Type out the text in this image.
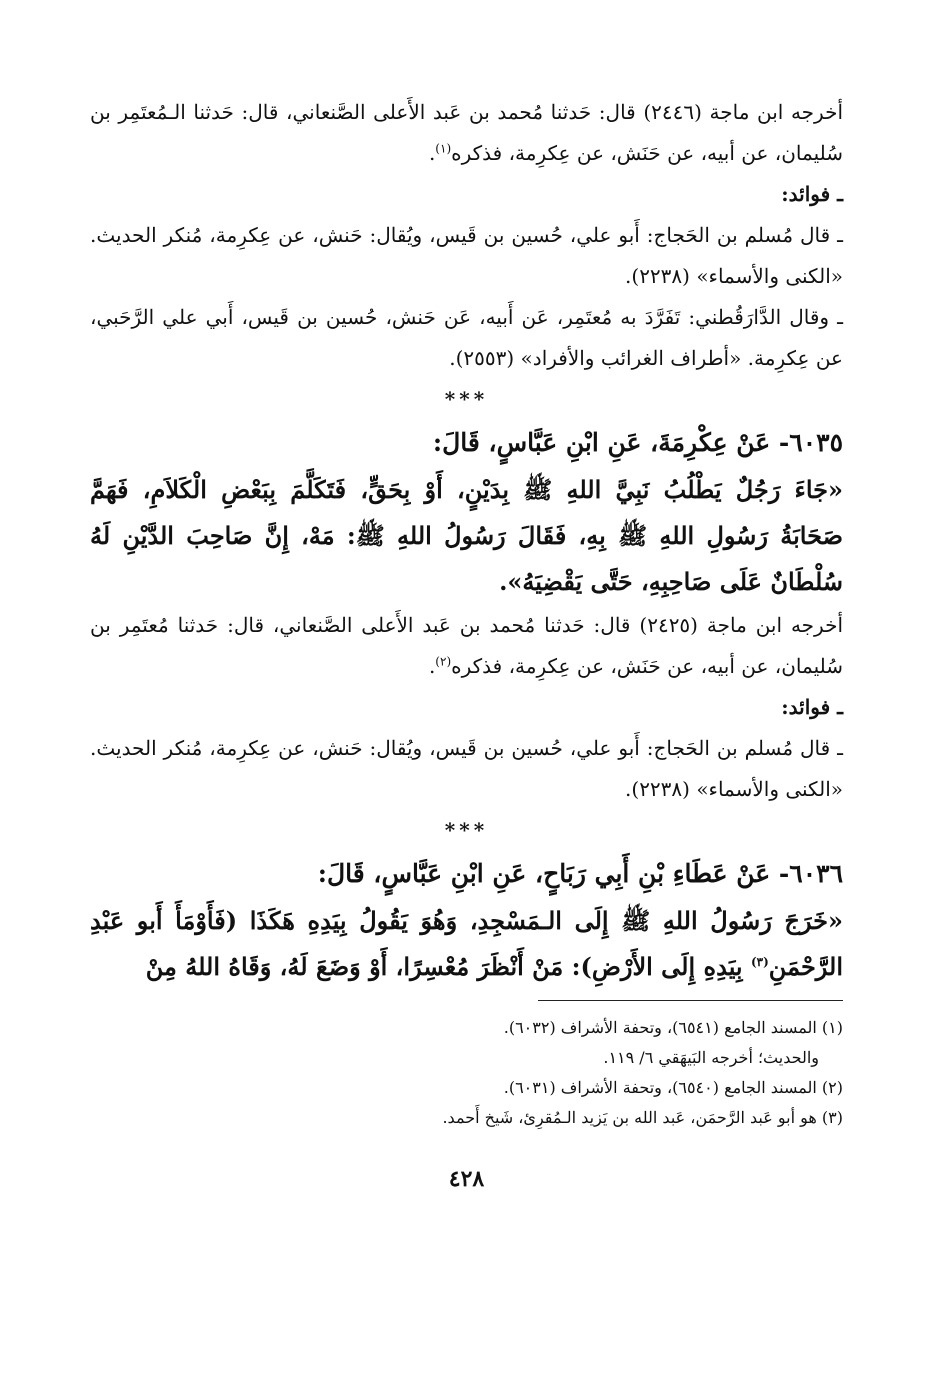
أخرجه ابن ماجة (٢٤٤٦) قال: حَدثنا مُحمد بن عَبد الأَعلى الصَّنعاني، قال: حَدثنا الـمُعتَمِر بن سُليمان، عن أبيه، عن حَنَش، عن عِكرِمة، فذكره$^{(١)}$.

ـ فوائد:

ـ قال مُسلم بن الحَجاج: أَبو علي، حُسين بن قَيس، ويُقال: حَنش، عن عِكرِمة، مُنكر الحديث. «الكنى والأسماء» (٢٢٣٨).

ـ وقال الدَّارَقُطني: تَفَرَّدَ به مُعتَمِر، عَن أَبيه، عَن حَنش، حُسين بن قَيس، أَبي علي الرَّحَبي، عن عِكرِمة. «أطراف الغرائب والأفراد» (٢٥٥٣).

***

٦٠٣٥- عَنْ عِكْرِمَةَ، عَنِ ابْنِ عَبَّاسٍ، قَالَ:

«جَاءَ رَجُلٌ يَطْلُبُ نَبِيَّ اللهِ ﷺ بِدَيْنٍ، أَوْ بِحَقٍّ، فَتَكَلَّمَ بِبَعْضِ الْكَلاَمِ، فَهَمَّ صَحَابَةُ رَسُولِ اللهِ ﷺ بِهِ، فَقَالَ رَسُولُ اللهِ ﷺ: مَهْ، إِنَّ صَاحِبَ الدَّيْنِ لَهُ سُلْطَانٌ عَلَى صَاحِبِهِ، حَتَّى يَقْضِيَهُ».

أخرجه ابن ماجة (٢٤٢٥) قال: حَدثنا مُحمد بن عَبد الأَعلى الصَّنعاني، قال: حَدثنا مُعتَمِر بن سُليمان، عن أبيه، عن حَنَش، عن عِكرِمة، فذكره$^{(٢)}$.

ـ فوائد:

ـ قال مُسلم بن الحَجاج: أَبو علي، حُسين بن قَيس، ويُقال: حَنش، عن عِكرِمة، مُنكر الحديث. «الكنى والأسماء» (٢٢٣٨).

***

٦٠٣٦- عَنْ عَطَاءِ بْنِ أَبِي رَبَاحٍ، عَنِ ابْنِ عَبَّاسٍ، قَالَ:

«خَرَجَ رَسُولُ اللهِ ﷺ إِلَى الـمَسْجِدِ، وَهُوَ يَقُولُ بِيَدِهِ هَكَذَا (فَأَوْمَأَ أَبو عَبْدِ الرَّحْمَنِ$^{(٣)}$ بِيَدِهِ إِلَى الأَرْضِ): مَنْ أَنْظَرَ مُعْسِرًا، أَوْ وَضَعَ لَهُ، وَقَاهُ اللهُ مِنْ

(١) المسند الجامع (٦٥٤١)، وتحفة الأشراف (٦٠٣٢).

والحديث؛ أخرجه البَيهَقي ٦/ ١١٩.

(٢) المسند الجامع (٦٥٤٠)، وتحفة الأشراف (٦٠٣١).

(٣) هو أبو عَبد الرَّحمَن، عَبد الله بن يَزيد الـمُقرِئ، شَيخ أَحمد.

٤٢٨
